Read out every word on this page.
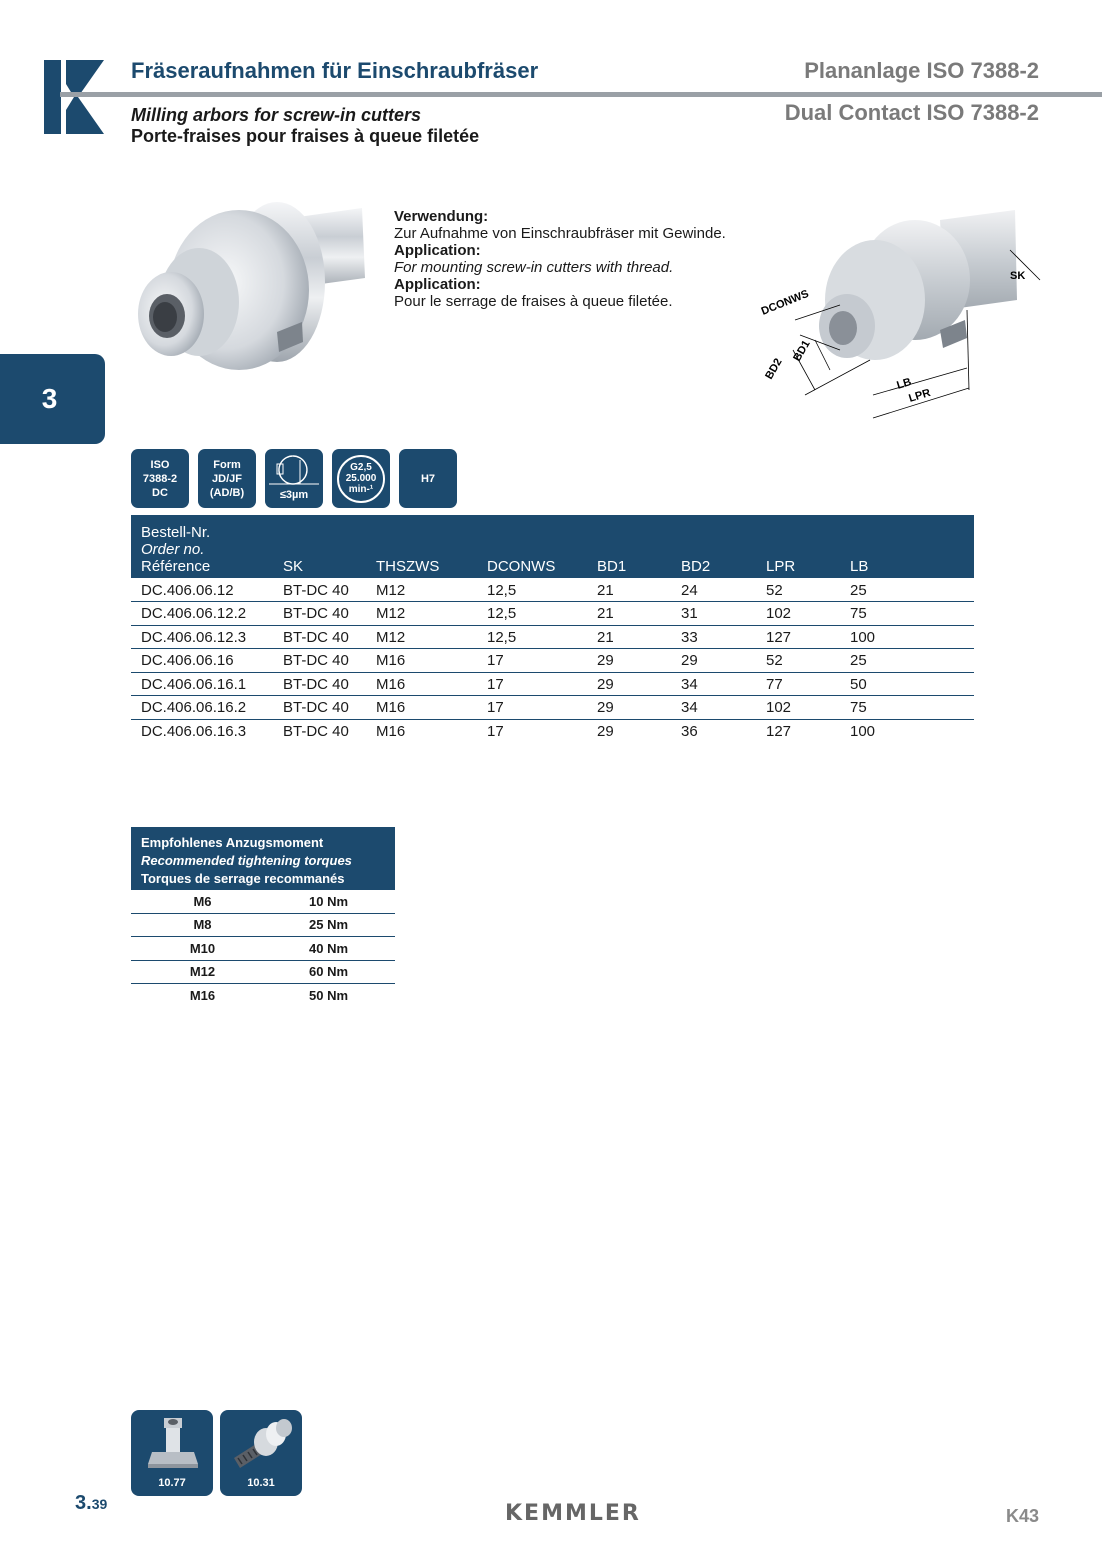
Fräseraufnahmen für Einschraubfräser
Milling arbors for screw-in cutters
Porte-fraises pour fraises à queue filetée
Plananlage ISO 7388-2
Dual Contact ISO 7388-2
3
Verwendung:
Zur Aufnahme von Einschraubfräser mit Gewinde.
Application:
For mounting screw-in cutters with thread.
Application:
Pour le serrage de fraises à queue filetée.
SK
DCONWS
BD2
BD1
LB
LPR
ISO
7388-2
DC
Form
JD/JF
(AD/B)	≤3µm
G2,5
25.000
min-¹
H7
Bestell-Nr.
Order no.
Référence	SK	THSZWS	DCONWS	BD1	BD2	LPR	LB
DC.406.06.12	BT-DC 40	M12	12,5	21	24	52	25
DC.406.06.12.2	BT-DC 40	M12	12,5	21	31	102	75
DC.406.06.12.3	BT-DC 40	M12	12,5	21	33	127	100
DC.406.06.16	BT-DC 40	M16	17	29	29	52	25
DC.406.06.16.1	BT-DC 40	M16	17	29	34	77	50
DC.406.06.16.2	BT-DC 40	M16	17	29	34	102	75
DC.406.06.16.3	BT-DC 40	M16	17	29	36	127	100
Empfohlenes Anzugsmoment
Recommended tightening torques
Torques de serrage recommanés
M6	10 Nm
M8	25 Nm
M10	40 Nm
M12	60 Nm
M16	50 Nm
10.77	10.31
3.39	KEMMLER	K43
